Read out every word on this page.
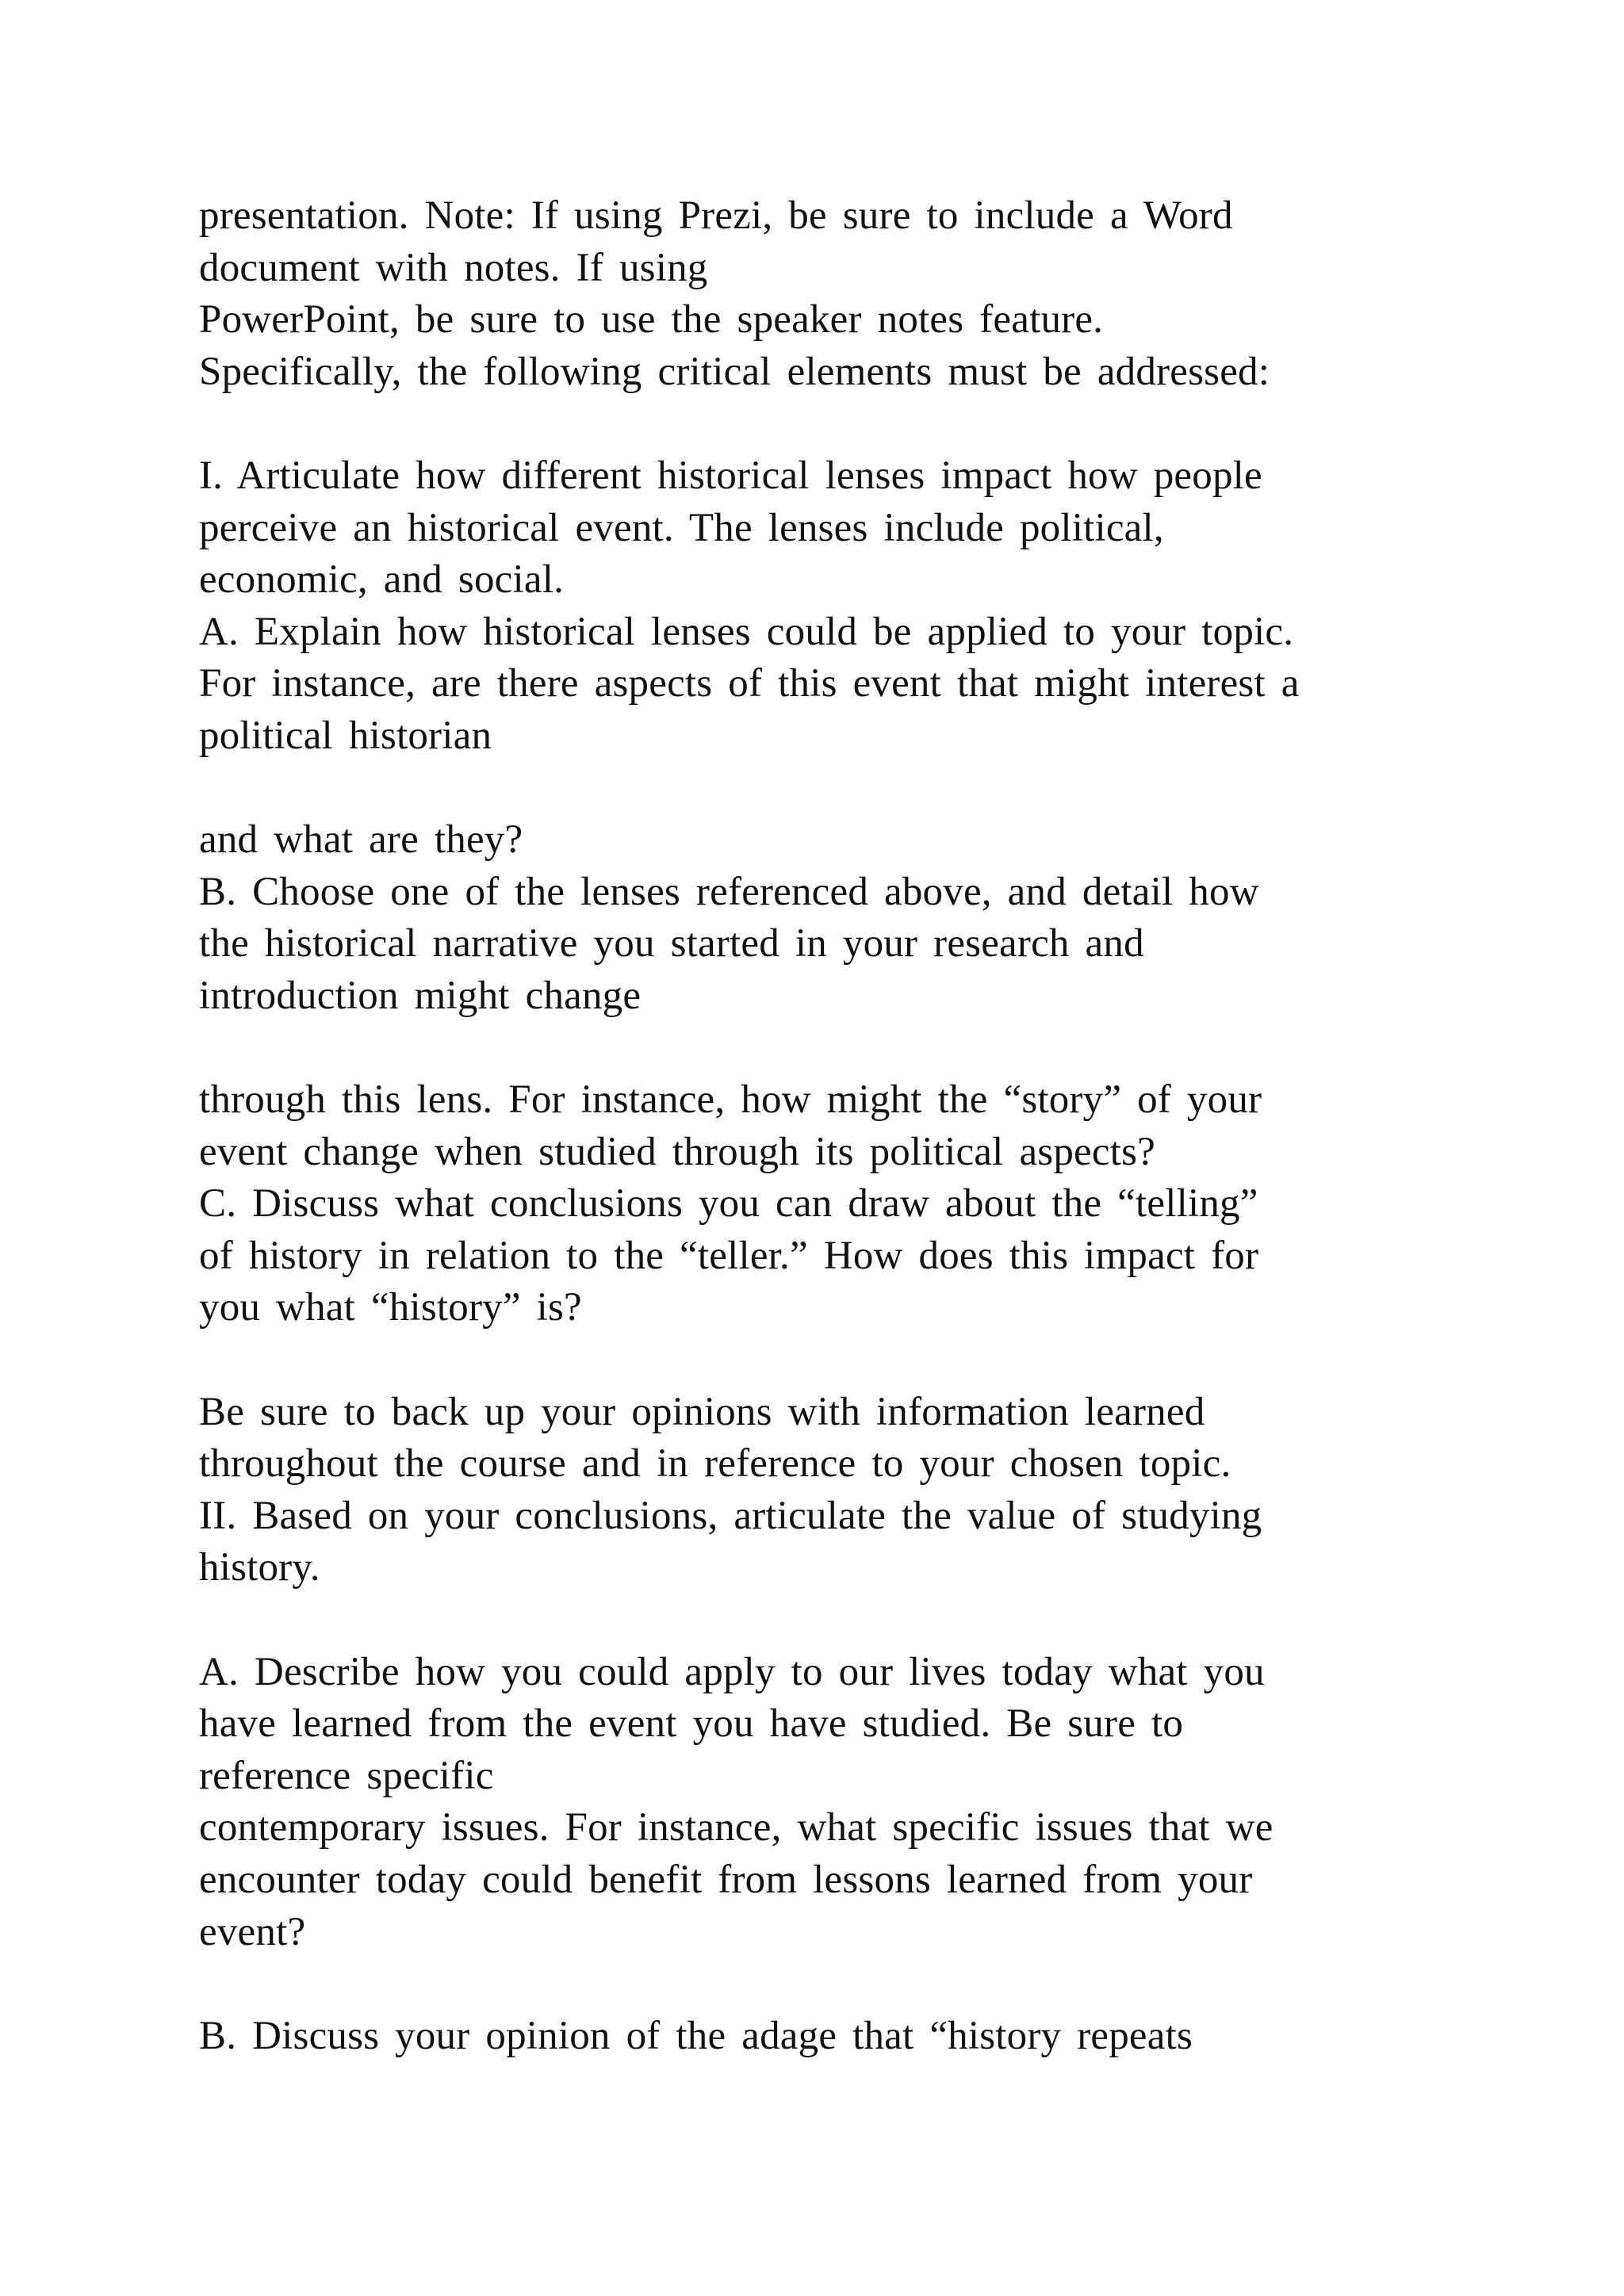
presentation. Note: If using Prezi, be sure to include a Word
document with notes. If using
PowerPoint, be sure to use the speaker notes feature.
Specifically, the following critical elements must be addressed:
I. Articulate how different historical lenses impact how people
perceive an historical event. The lenses include political,
economic, and social.
A. Explain how historical lenses could be applied to your topic.
For instance, are there aspects of this event that might interest a
political historian
and what are they?
B. Choose one of the lenses referenced above, and detail how
the historical narrative you started in your research and
introduction might change
through this lens. For instance, how might the “story” of your
event change when studied through its political aspects?
C. Discuss what conclusions you can draw about the “telling”
of history in relation to the “teller.” How does this impact for
you what “history” is?
Be sure to back up your opinions with information learned
throughout the course and in reference to your chosen topic.
II. Based on your conclusions, articulate the value of studying
history.
A. Describe how you could apply to our lives today what you
have learned from the event you have studied. Be sure to
reference specific
contemporary issues. For instance, what specific issues that we
encounter today could benefit from lessons learned from your
event?
B. Discuss your opinion of the adage that “history repeats
